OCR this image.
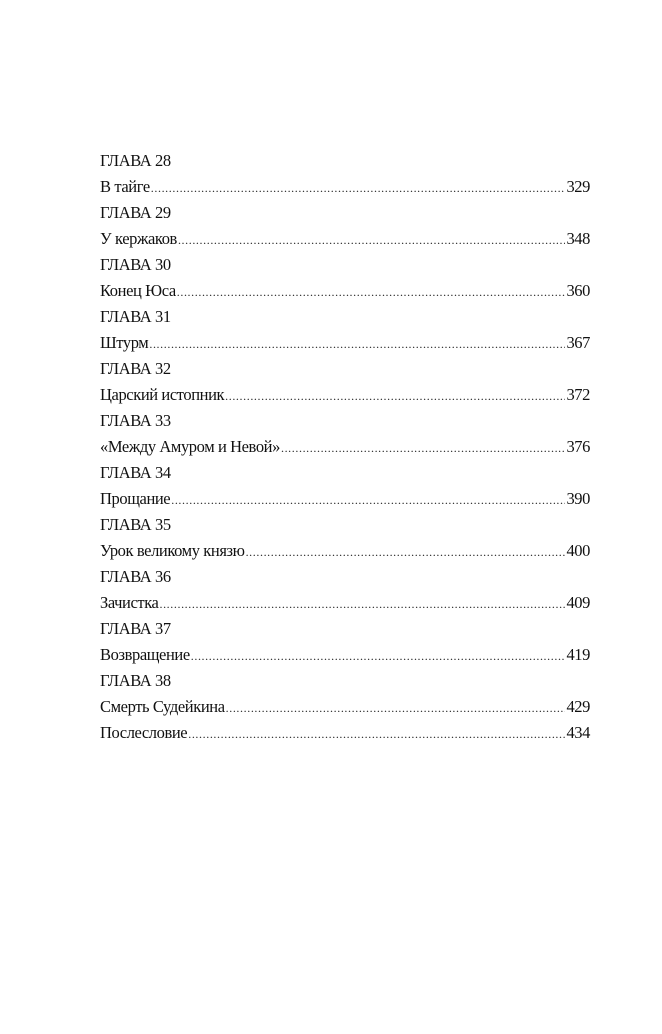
ГЛАВА 28
В тайге .....	329
ГЛАВА 29
У кержаков .....	348
ГЛАВА 30
Конец Юса .....	360
ГЛАВА 31
Штурм .....	367
ГЛАВА 32
Царский истопник .....	372
ГЛАВА 33
«Между Амуром и Невой» .....	376
ГЛАВА 34
Прощание .....	390
ГЛАВА 35
Урок великому князю .....	400
ГЛАВА 36
Зачистка .....	409
ГЛАВА 37
Возвращение .....	419
ГЛАВА 38
Смерть Судейкина .....	429
Послесловие .....	434
